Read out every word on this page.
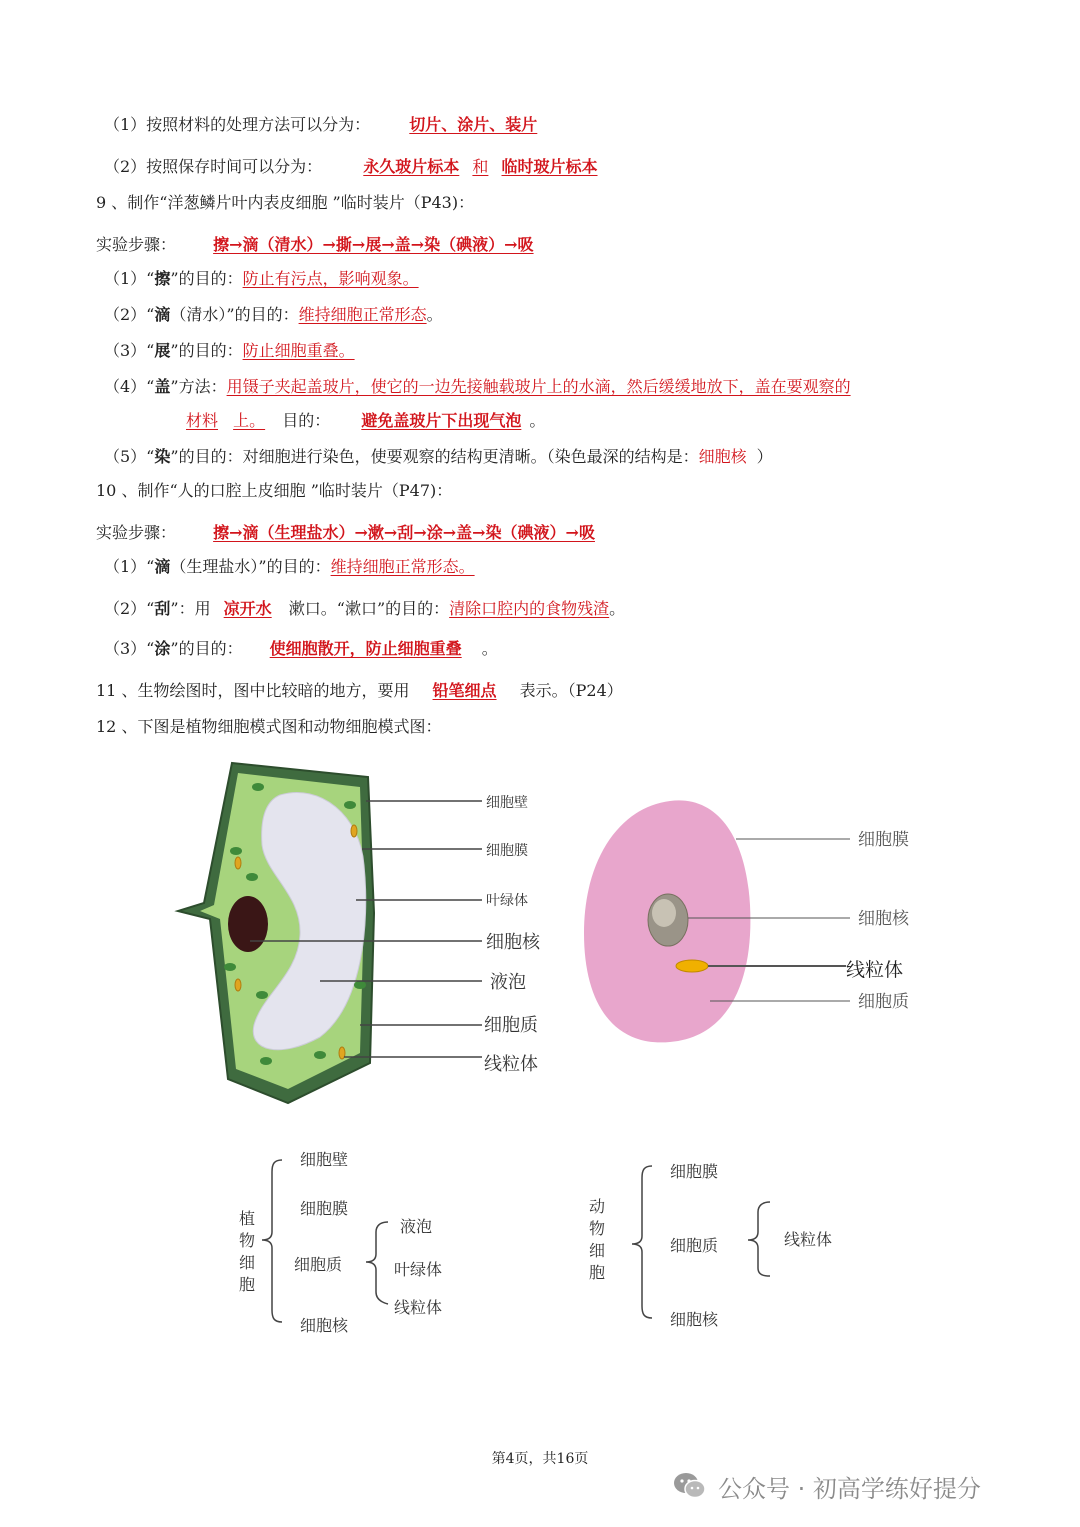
（1）按照材料的处理方法可以分为： 切片、涂片、装片
（2）按照保存时间可以分为：	永久玻片标本 和 临时玻片标本
9 、制作“洋葱鳞片叶内表皮细胞 ”临时装片（P43)：
实验步骤： 擦→滴（清水）→撕→展→盖→染（碘液）→吸
（1）“擦”的目的：防止有污点，影响观象。
（2）“滴（清水）”的目的：维持细胞正常形态。
（3）“展”的目的：防止细胞重叠。
（4）“盖”方法：用镊子夹起盖玻片，使它的一边先接触载玻片上的水滴，然后缓缓地放下，盖在要观察的
材料 上。 目的： 避免盖玻片下出现气泡 。
（5）“染”的目的：对细胞进行染色，使要观察的结构更清晰。（染色最深的结构是：细胞核 ）
10 、制作“人的口腔上皮细胞 ”临时装片（P47)：
实验步骤： 擦→滴（生理盐水）→漱→刮→涂→盖→染（碘液）→吸
（1）“滴（生理盐水）”的目的：维持细胞正常形态。
（2）“刮”：用 凉开水 漱口。“漱口”的目的：清除口腔内的食物残渣。
（3）“涂”的目的： 使细胞散开，防止细胞重叠 。
11 、生物绘图时，图中比较暗的地方，要用 铅笔细点 表示。（P24）
12 、下图是植物细胞模式图和动物细胞模式图：
细胞壁
细胞膜
叶绿体
细胞核
液泡
细胞质
线粒体
细胞膜
细胞核
线粒体
细胞质
植
物
细
胞
细胞壁
细胞膜
细胞质
细胞核
液泡
叶绿体
线粒体
动
物
细
胞
细胞膜
细胞质
细胞核
线粒体
第4页，共16页
公众号 · 初高学练好提分
